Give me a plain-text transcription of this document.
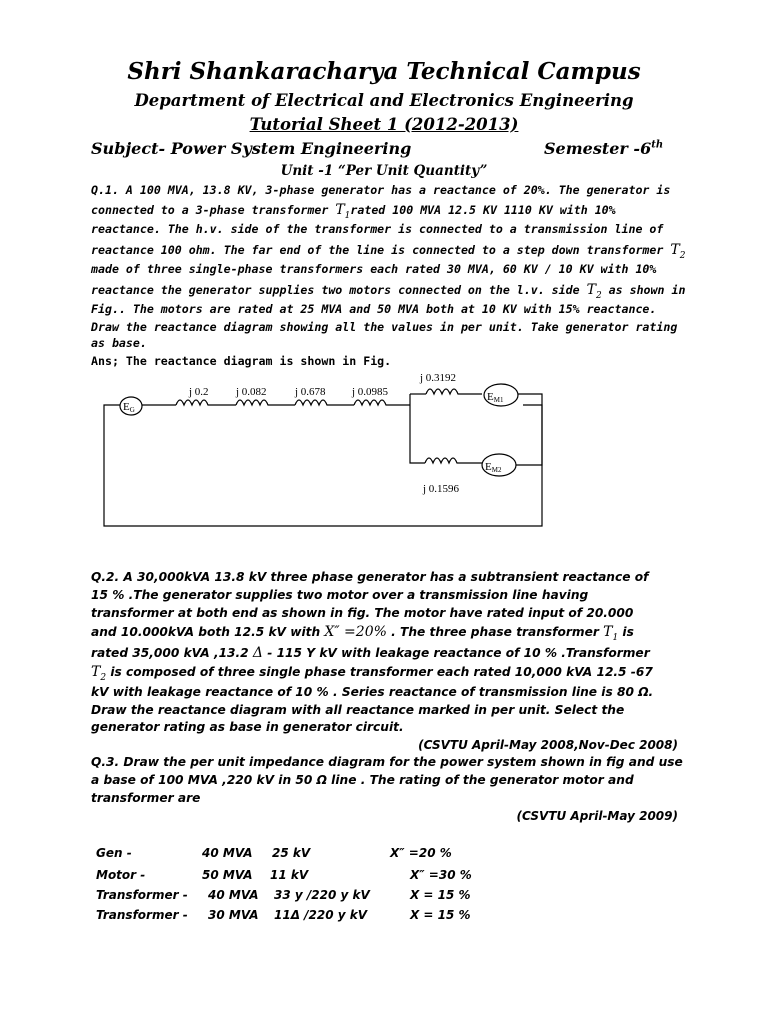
Shri Shankaracharya Technical Campus
Department of Electrical and Electronics Engineering
Tutorial Sheet 1 (2012-2013)
Subject- Power System Engineering	Semester -6th
Unit -1 “Per Unit Quantity”
Q.1. A 100 MVA, 13.8 KV, 3-phase generator has a reactance of 20%. The generator is
connected to a 3-phase transformer $T_1rated$ 100 MVA 12.5 KV 1110 KV with 10%
reactance. The h.v. side of the transformer is connected to a transmission line of
reactance 100 ohm. The far end of the line is connected to a step down transformer $T_2$
made of three single-phase transformers each rated 30 MVA, 60 KV / 10 KV with 10%
reactance the generator supplies two motors connected on the l.v. side $T_2$ as shown in
Fig.. The motors are rated at 25 MVA and 50 MVA both at 10 KV with 15% reactance.
Draw the reactance diagram showing all the values in per unit. Take generator rating
as base.
Ans; The reactance diagram is shown in Fig.
EG
j 0.2 j 0.082	j 0.678 j 0.0985
j 0.3192
EM1
EM2
j 0.1596
Q.2. A 30,000kVA 13.8 kV three phase generator has a subtransient reactance of
15 % .The generator supplies two motor over a transmission line having
transformer at both end as shown in fig. The motor have rated input of 20.000
and 10.000kVA both 12.5 kV with X″ =20% . The three phase transformer $T_1$ is
rated 35,000 kVA ,13.2 Δ - 115 Y kV with leakage reactance of 10 % .Transformer
$T_2$ is composed of three single phase transformer each rated 10,000 kVA 12.5 -67
kV with leakage reactance of 10 % . Series reactance of transmission line is 80 Ω.
Draw the reactance diagram with all reactance marked in per unit. Select the
generator rating as base in generator circuit.
(CSVTU April-May 2008,Nov-Dec 2008)
Q.3. Draw the per unit impedance diagram for the power system shown in fig and use
a base of 100 MVA ,220 kV in 50 Ω line . The rating of the generator motor and
transformer are
(CSVTU April-May 2009)
Gen -	40 MVA 25 kV	X″ =20 %
Motor -	50 MVA 11 kV	X″ =30 %
Transformer - 40 MVA 33 y /220 y kV	X = 15 %
Transformer - 30 MVA 11Δ /220 y kV	X = 15 %
